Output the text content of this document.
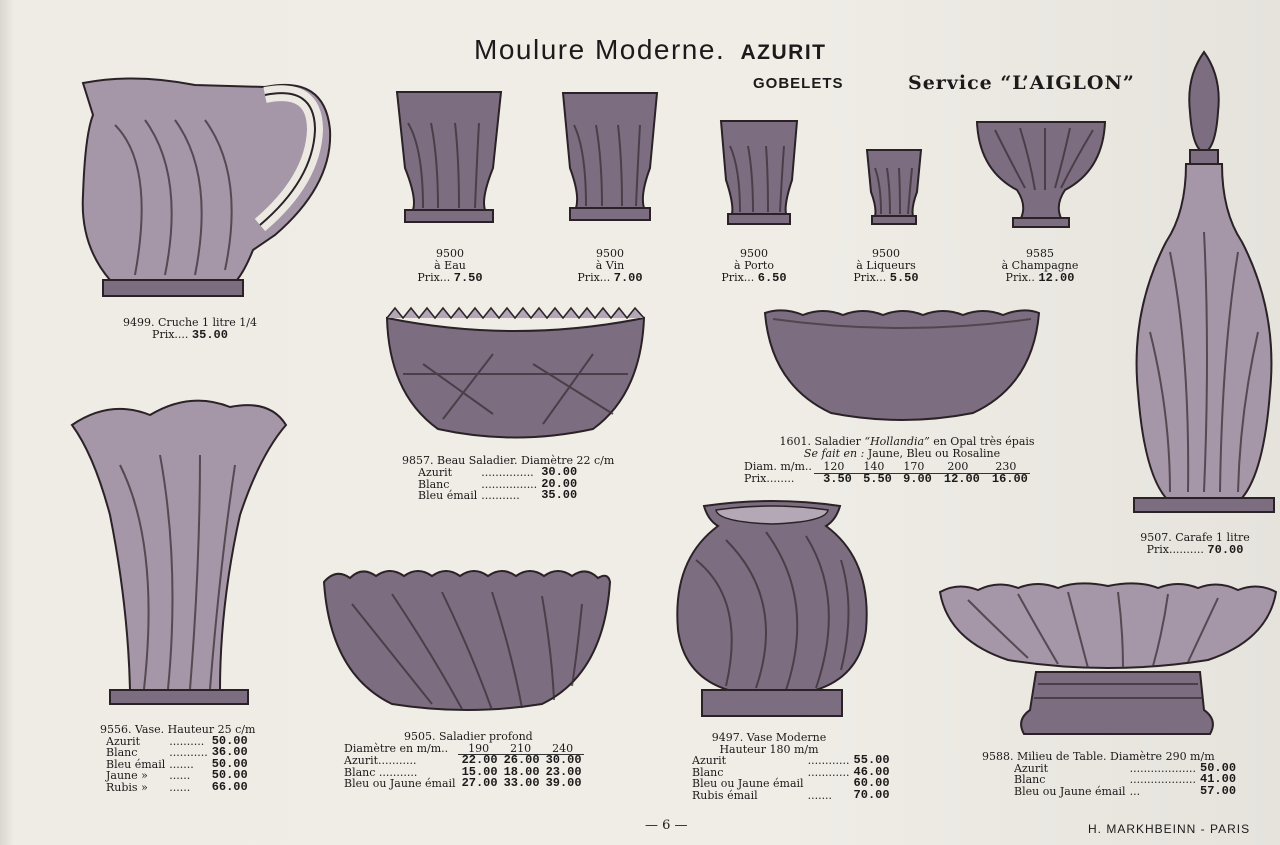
Moulure Moderne. AZURIT
GOBELETS	Service “L’AIGLON”
9499. Cruche 1 litre 1/4
Prix.... 35.00
9500
à Eau
Prix... 7.50
9500
à Vin
Prix... 7.00
9500
à Porto
Prix... 6.50
9500
à Liqueurs
Prix... 5.50
9585
à Champagne
Prix.. 12.00
9507. Carafe 1 litre
Prix.......... 70.00
9857. Beau Saladier. Diamètre 22 c/m
Azurit	...............	30.00
Blanc	................	20.00
Bleu émail	...........	35.00
1601. Saladier “Hollandia” en Opal très épais
Se fait en : Jaune, Bleu ou Rosaline
Diam. m/m..	120	140	170	200	230
Prix........	3.50	5.50	9.00	12.00	16.00
9556. Vase. Hauteur 25 c/m
Azurit	..........	50.00
Blanc	...........	36.00
Bleu émail	.......	50.00
Jaune »	......	50.00
Rubis »	......	66.00
9505. Saladier profond
Diamètre en m/m..	190	210	240
Azurit...........	22.00	26.00	30.00
Blanc ...........	15.00	18.00	23.00
Bleu ou Jaune émail	27.00	33.00	39.00
9497. Vase Moderne
Hauteur 180 m/m
Azurit	............	55.00
Blanc	............	46.00
Bleu ou Jaune émail		60.00
Rubis émail	.......	70.00
9588. Milieu de Table. Diamètre 290 m/m
Azurit	...................	50.00
Blanc	...................	41.00
Bleu ou Jaune émail	...	57.00
— 6 —	H. MARKHBEINN - PARIS
